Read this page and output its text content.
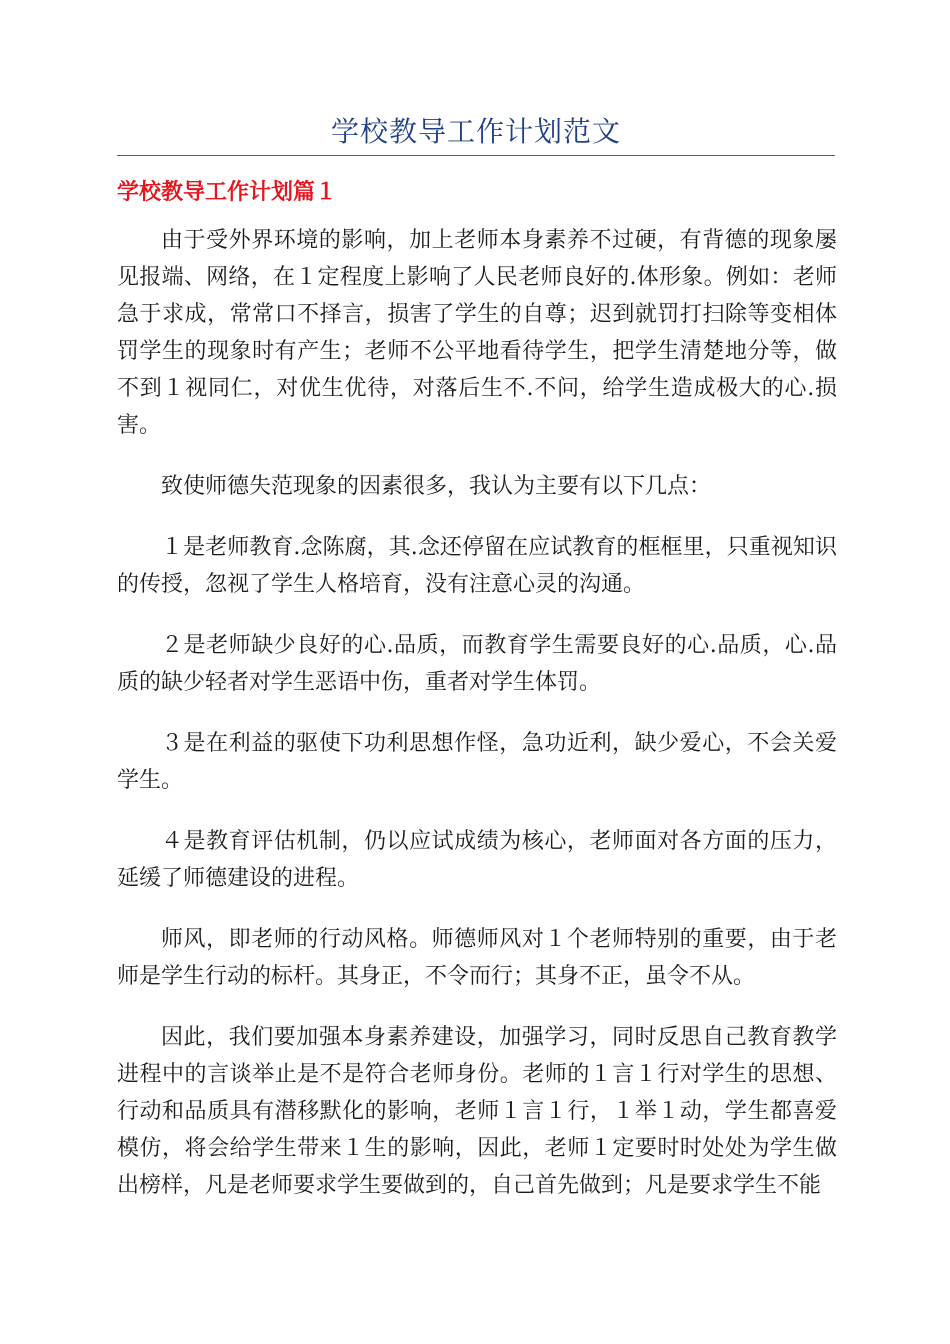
学校教导工作计划范文
学校教导工作计划篇１

由于受外界环境的影响，加上老师本身素养不过硬，有背德的现象屡见报端、网络，在１定程度上影响了人民老师良好的.体形象。例如：老师急于求成，常常口不择言，损害了学生的自尊；迟到就罚打扫除等变相体罚学生的现象时有产生；老师不公平地看待学生，把学生清楚地分等，做不到１视同仁，对优生优待，对落后生不.不问，给学生造成极大的心.损害。

致使师德失范现象的因素很多，我认为主要有以下几点：

１是老师教育.念陈腐，其.念还停留在应试教育的框框里，只重视知识的传授，忽视了学生人格培育，没有注意心灵的沟通。

２是老师缺少良好的心.品质，而教育学生需要良好的心.品质，心.品质的缺少轻者对学生恶语中伤，重者对学生体罚。

３是在利益的驱使下功利思想作怪，急功近利，缺少爱心，不会关爱学生。

４是教育评估机制，仍以应试成绩为核心，老师面对各方面的压力，延缓了师德建设的进程。

师风，即老师的行动风格。师德师风对１个老师特别的重要，由于老师是学生行动的标杆。其身正，不令而行；其身不正，虽令不从。

因此，我们要加强本身素养建设，加强学习，同时反思自己教育教学进程中的言谈举止是不是符合老师身份。老师的１言１行对学生的思想、行动和品质具有潜移默化的影响，老师１言１行，１举１动，学生都喜爱模仿，将会给学生带来１生的影响，因此，老师１定要时时处处为学生做出榜样，凡是老师要求学生要做到的，自己首先做到；凡是要求学生不能
